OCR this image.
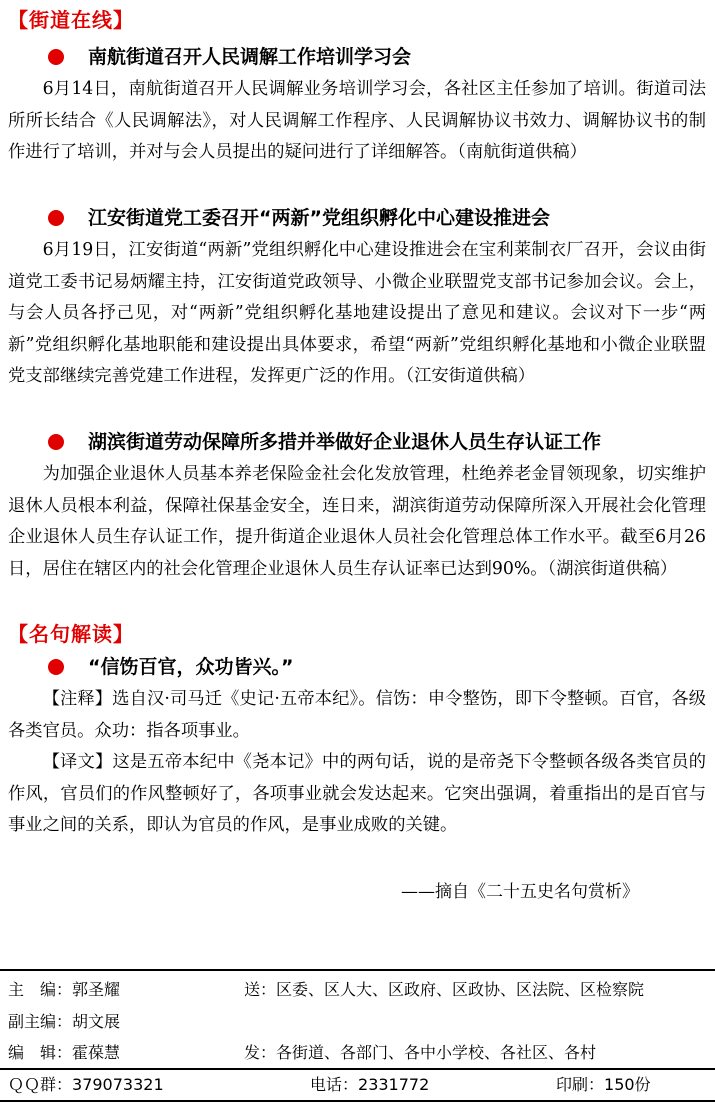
【街道在线】
南航街道召开人民调解工作培训学习会
6月14日，南航街道召开人民调解业务培训学习会，各社区主任参加了培训。街道司法所所长结合《人民调解法》，对人民调解工作程序、人民调解协议书效力、调解协议书的制作进行了培训，并对与会人员提出的疑问进行了详细解答。（南航街道供稿）
江安街道党工委召开“两新”党组织孵化中心建设推进会
6月19日，江安街道“两新”党组织孵化中心建设推进会在宝利莱制衣厂召开，会议由街道党工委书记易炳耀主持，江安街道党政领导、小微企业联盟党支部书记参加会议。会上，与会人员各抒己见，对“两新”党组织孵化基地建设提出了意见和建议。会议对下一步“两新”党组织孵化基地职能和建设提出具体要求，希望“两新”党组织孵化基地和小微企业联盟党支部继续完善党建工作进程，发挥更广泛的作用。（江安街道供稿）
湖滨街道劳动保障所多措并举做好企业退休人员生存认证工作
为加强企业退休人员基本养老保险金社会化发放管理，杜绝养老金冒领现象，切实维护退休人员根本利益，保障社保基金安全，连日来，湖滨街道劳动保障所深入开展社会化管理企业退休人员生存认证工作，提升街道企业退休人员社会化管理总体工作水平。截至6月26日，居住在辖区内的社会化管理企业退休人员生存认证率已达到90%。（湖滨街道供稿）
【名句解读】
“信饬百官，众功皆兴。”
【注释】选自汉·司马迁《史记·五帝本纪》。信饬：申令整饬，即下令整顿。百官，各级各类官员。众功：指各项事业。
【译文】这是五帝本纪中《尧本记》中的两句话，说的是帝尧下令整顿各级各类官员的作风，官员们的作风整顿好了，各项事业就会发达起来。它突出强调，着重指出的是百官与事业之间的关系，即认为官员的作风，是事业成败的关键。
——摘自《二十五史名句赏析》
主　编：郭圣耀	送：区委、区人大、区政府、区政协、区法院、区检察院
副主编：胡文展
编　辑：霍葆慧	发：各街道、各部门、各中小学校、各社区、各村
ＱＱ群：379073321	电话：2331772	印刷：150份
